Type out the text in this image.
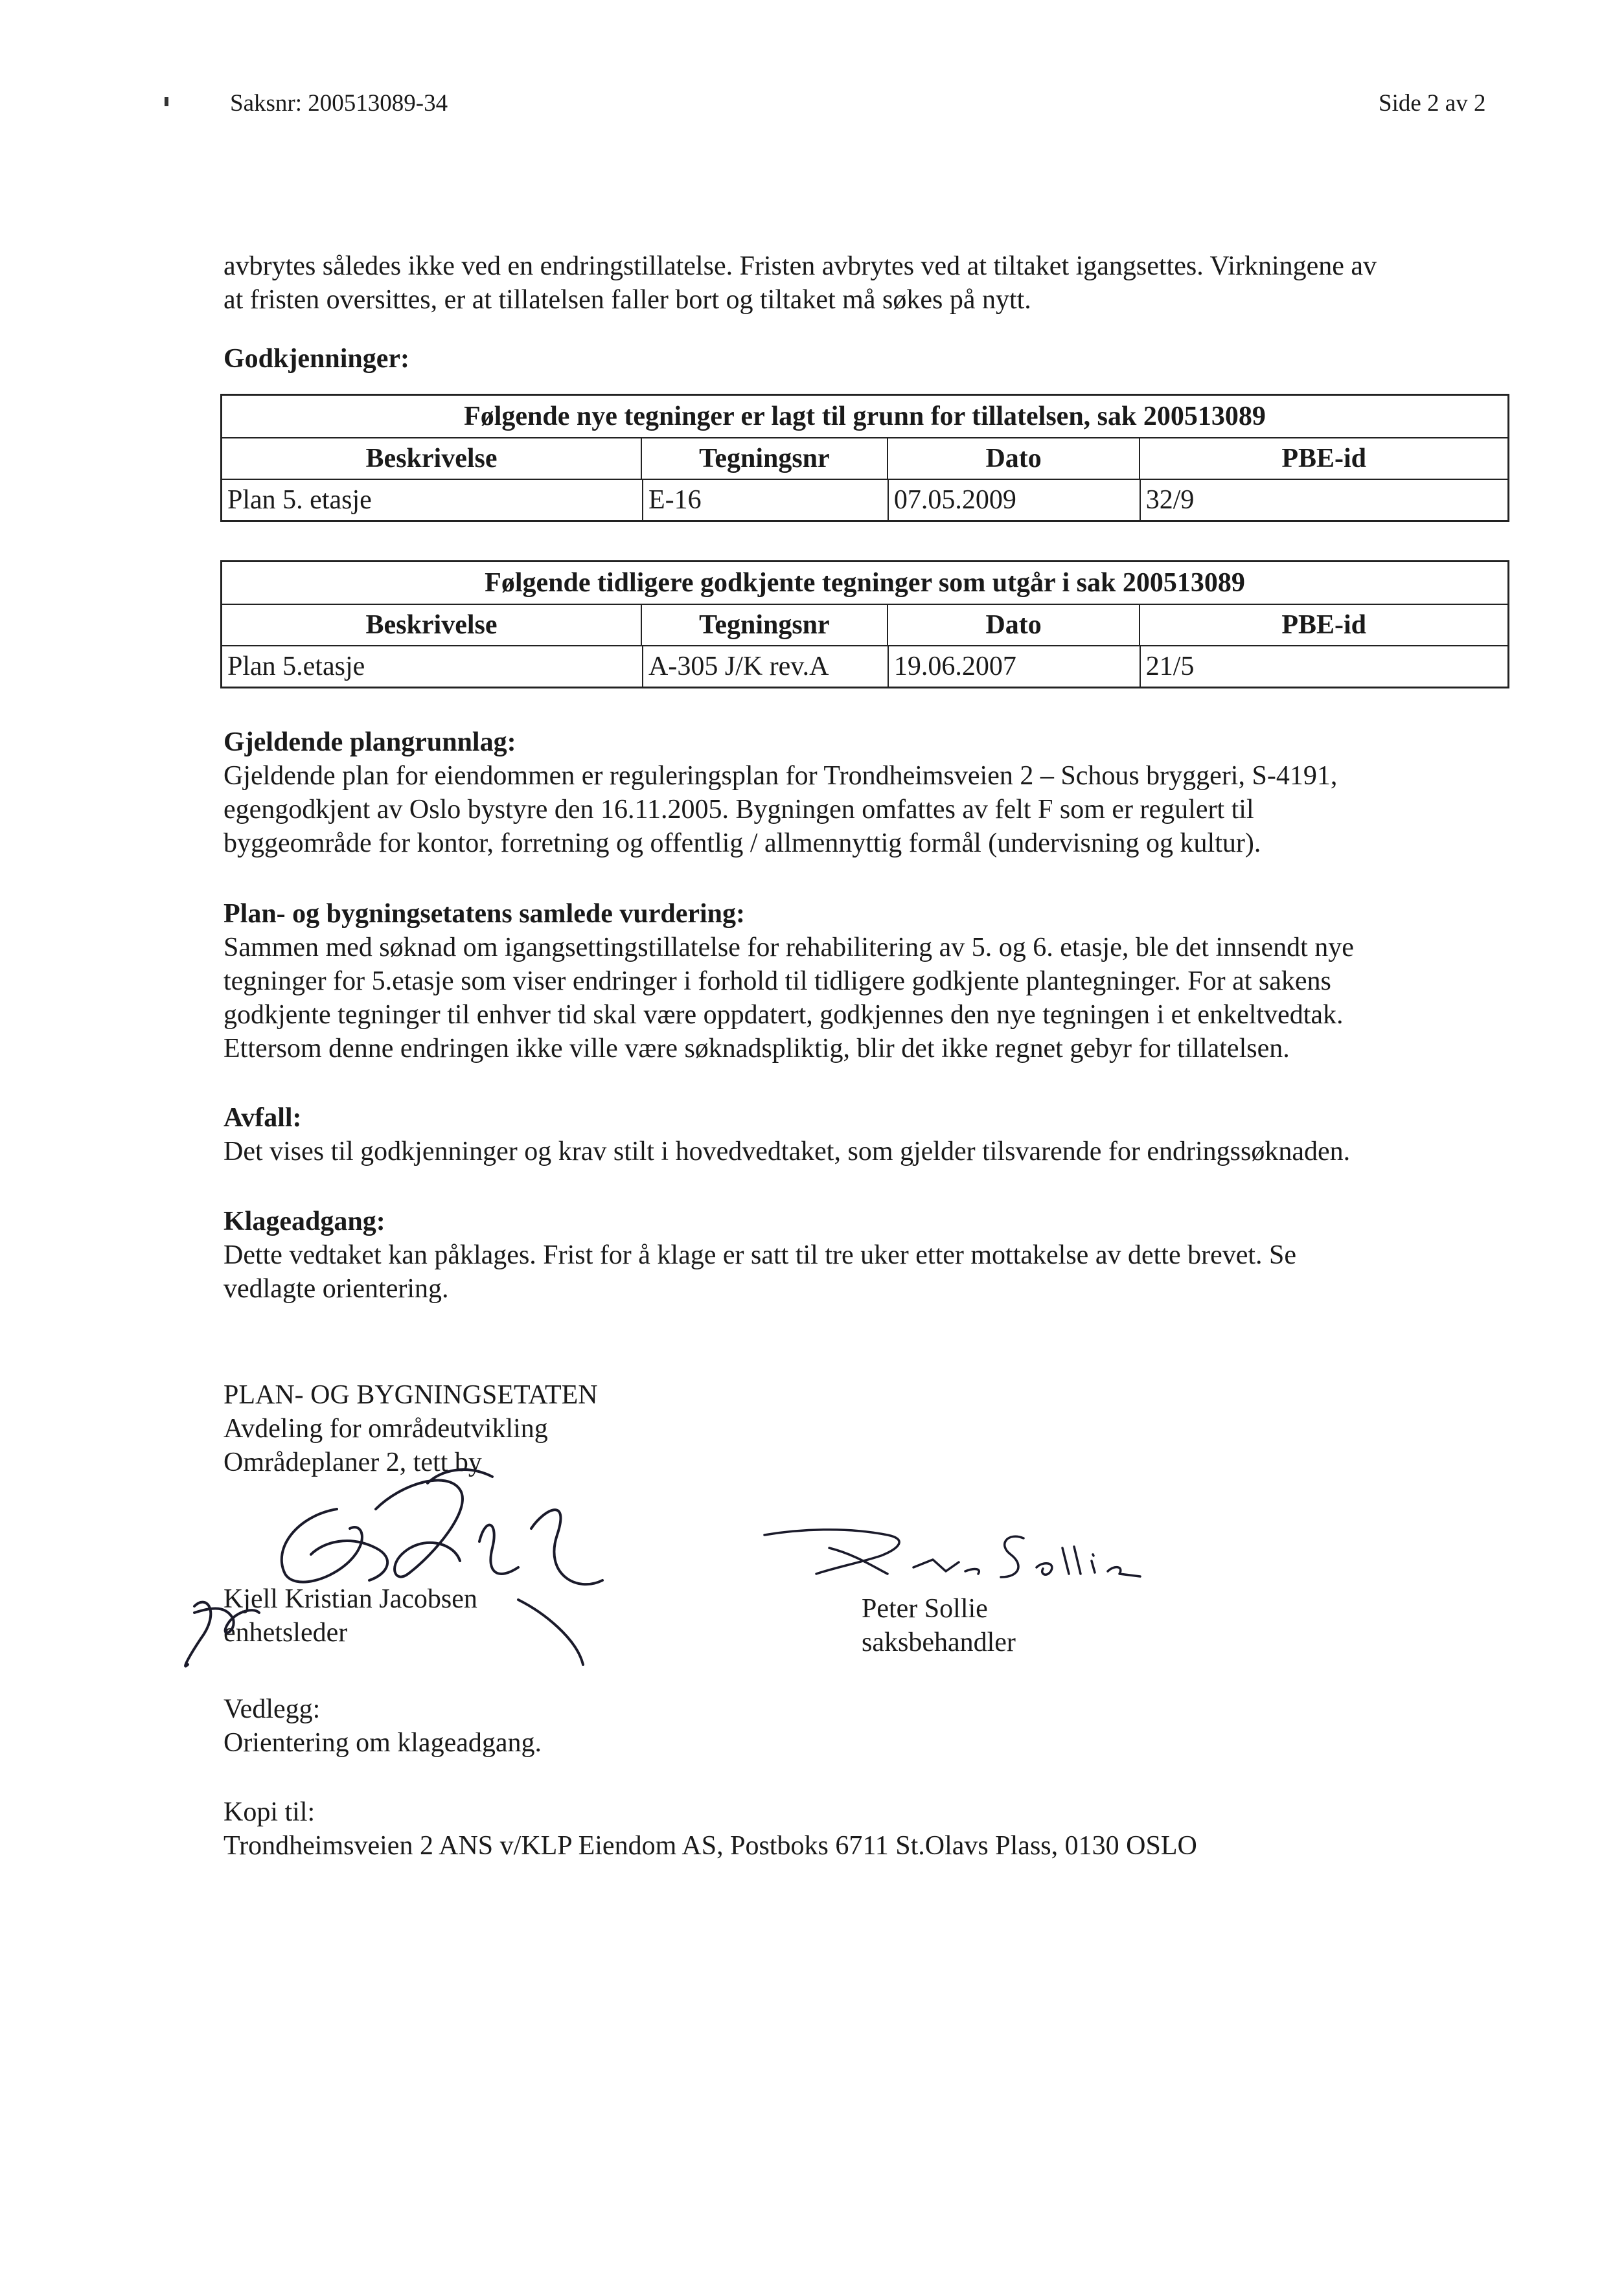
Saksnr: 200513089-34	Side 2 av 2
avbrytes således ikke ved en endringstillatelse. Fristen avbrytes ved at tiltaket igangsettes. Virkningene av
at fristen oversittes, er at tillatelsen faller bort og tiltaket må søkes på nytt.
Godkjenninger:
Følgende nye tegninger er lagt til grunn for tillatelsen, sak 200513089
Beskrivelse	Tegningsnr	Dato	PBE-id
Plan 5. etasje	E-16	07.05.2009	32/9
Følgende tidligere godkjente tegninger som utgår i sak 200513089
Beskrivelse	Tegningsnr	Dato	PBE-id
Plan 5.etasje	A-305 J/K rev.A	19.06.2007	21/5
Gjeldende plangrunnlag:
Gjeldende plan for eiendommen er reguleringsplan for Trondheimsveien 2 – Schous bryggeri, S-4191,
egengodkjent av Oslo bystyre den 16.11.2005. Bygningen omfattes av felt F som er regulert til
byggeområde for kontor, forretning og offentlig / allmennyttig formål (undervisning og kultur).
Plan- og bygningsetatens samlede vurdering:
Sammen med søknad om igangsettingstillatelse for rehabilitering av 5. og 6. etasje, ble det innsendt nye
tegninger for 5.etasje som viser endringer i forhold til tidligere godkjente plantegninger. For at sakens
godkjente tegninger til enhver tid skal være oppdatert, godkjennes den nye tegningen i et enkeltvedtak.
Ettersom denne endringen ikke ville være søknadspliktig, blir det ikke regnet gebyr for tillatelsen.
Avfall:
Det vises til godkjenninger og krav stilt i hovedvedtaket, som gjelder tilsvarende for endringssøknaden.
Klageadgang:
Dette vedtaket kan påklages. Frist for å klage er satt til tre uker etter mottakelse av dette brevet. Se
vedlagte orientering.
PLAN- OG BYGNINGSETATEN
Avdeling for områdeutvikling
Områdeplaner 2, tett by
Kjell Kristian Jacobsen
enhetsleder
Peter Sollie
saksbehandler
Vedlegg:
Orientering om klageadgang.
Kopi til:
Trondheimsveien 2 ANS v/KLP Eiendom AS, Postboks 6711 St.Olavs Plass, 0130 OSLO
